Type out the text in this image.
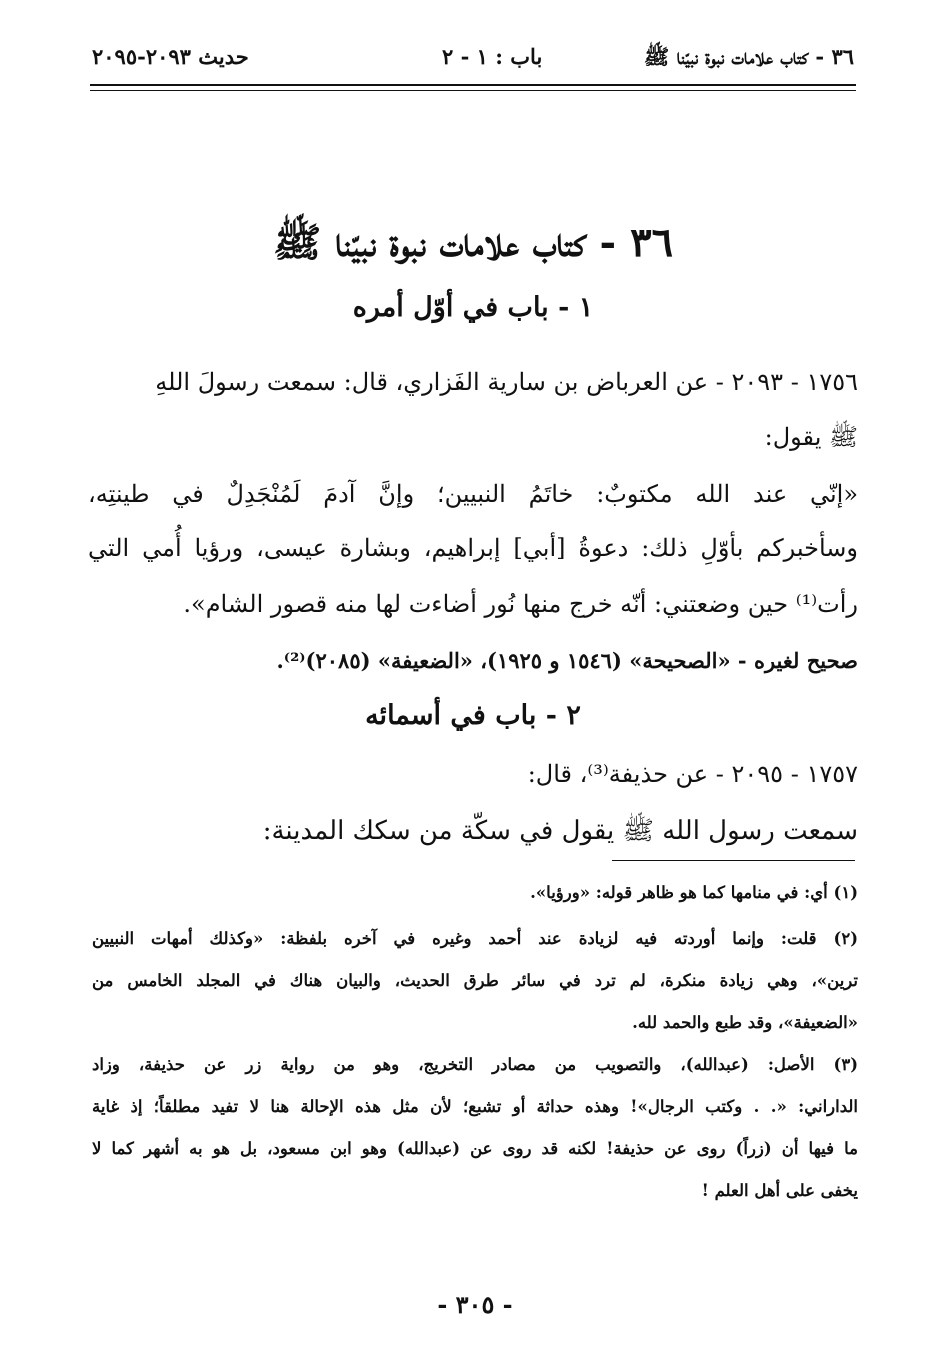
٣٦ - كتاب علامات نبوة نبيّنا ﷺ
باب : ١ - ٢
حديث ٢٠٩٣-٢٠٩٥
٣٦ - كتاب علامات نبوة نبيّنا ﷺ
١ - باب في أوّل أمره
١٧٥٦ - ٢٠٩٣ - عن العرباض بن سارية الفَزاري، قال: سمعت رسولَ اللهِ
ﷺ يقول:
«إنّي عند الله مكتوبٌ: خاتَمُ النبيين؛ وإنَّ آدمَ لَمُنْجَدِلٌ في طينتِه،
وسأخبركم بأوّلِ ذلك: دعوةُ [أبي] إبراهيم، وبشارة عيسى، ورؤيا أُمي التي
رأت⁽¹⁾ حين وضعتني: أنّه خرج منها نُور أضاءت لها منه قصور الشام».
صحيح لغيره - «الصحيحة» (١٥٤٦ و ١٩٢٥)، «الضعيفة» (٢٠٨٥)⁽²⁾.
٢ - باب في أسمائه
١٧٥٧ - ٢٠٩٥ - عن حذيفة⁽³⁾، قال:
سمعت رسول الله ﷺ يقول في سكّة من سكك المدينة:
(١) أي: في منامها كما هو ظاهر قوله: «ورؤيا».
(٢) قلت: وإنما أوردته فيه لزيادة عند أحمد وغيره في آخره بلفظة: «وكذلك أمهات النبيين
ترين»، وهي زيادة منكرة، لم ترد في سائر طرق الحديث، والبيان هناك في المجلد الخامس من
«الضعيفة»، وقد طبع والحمد لله.
(٣) الأصل: (عبدالله)، والتصويب من مصادر التخريج، وهو من رواية زر عن حذيفة، وزاد
الداراني: «. . وكتب الرجال»! وهذه حداثة أو تشبع؛ لأن مثل هذه الإحالة هنا لا تفيد مطلقاً؛ إذ غاية
ما فيها أن (زراً) روى عن حذيفة! لكنه قد روى عن (عبدالله) وهو ابن مسعود، بل هو به أشهر كما لا
يخفى على أهل العلم !
- ٣٠٥ -
